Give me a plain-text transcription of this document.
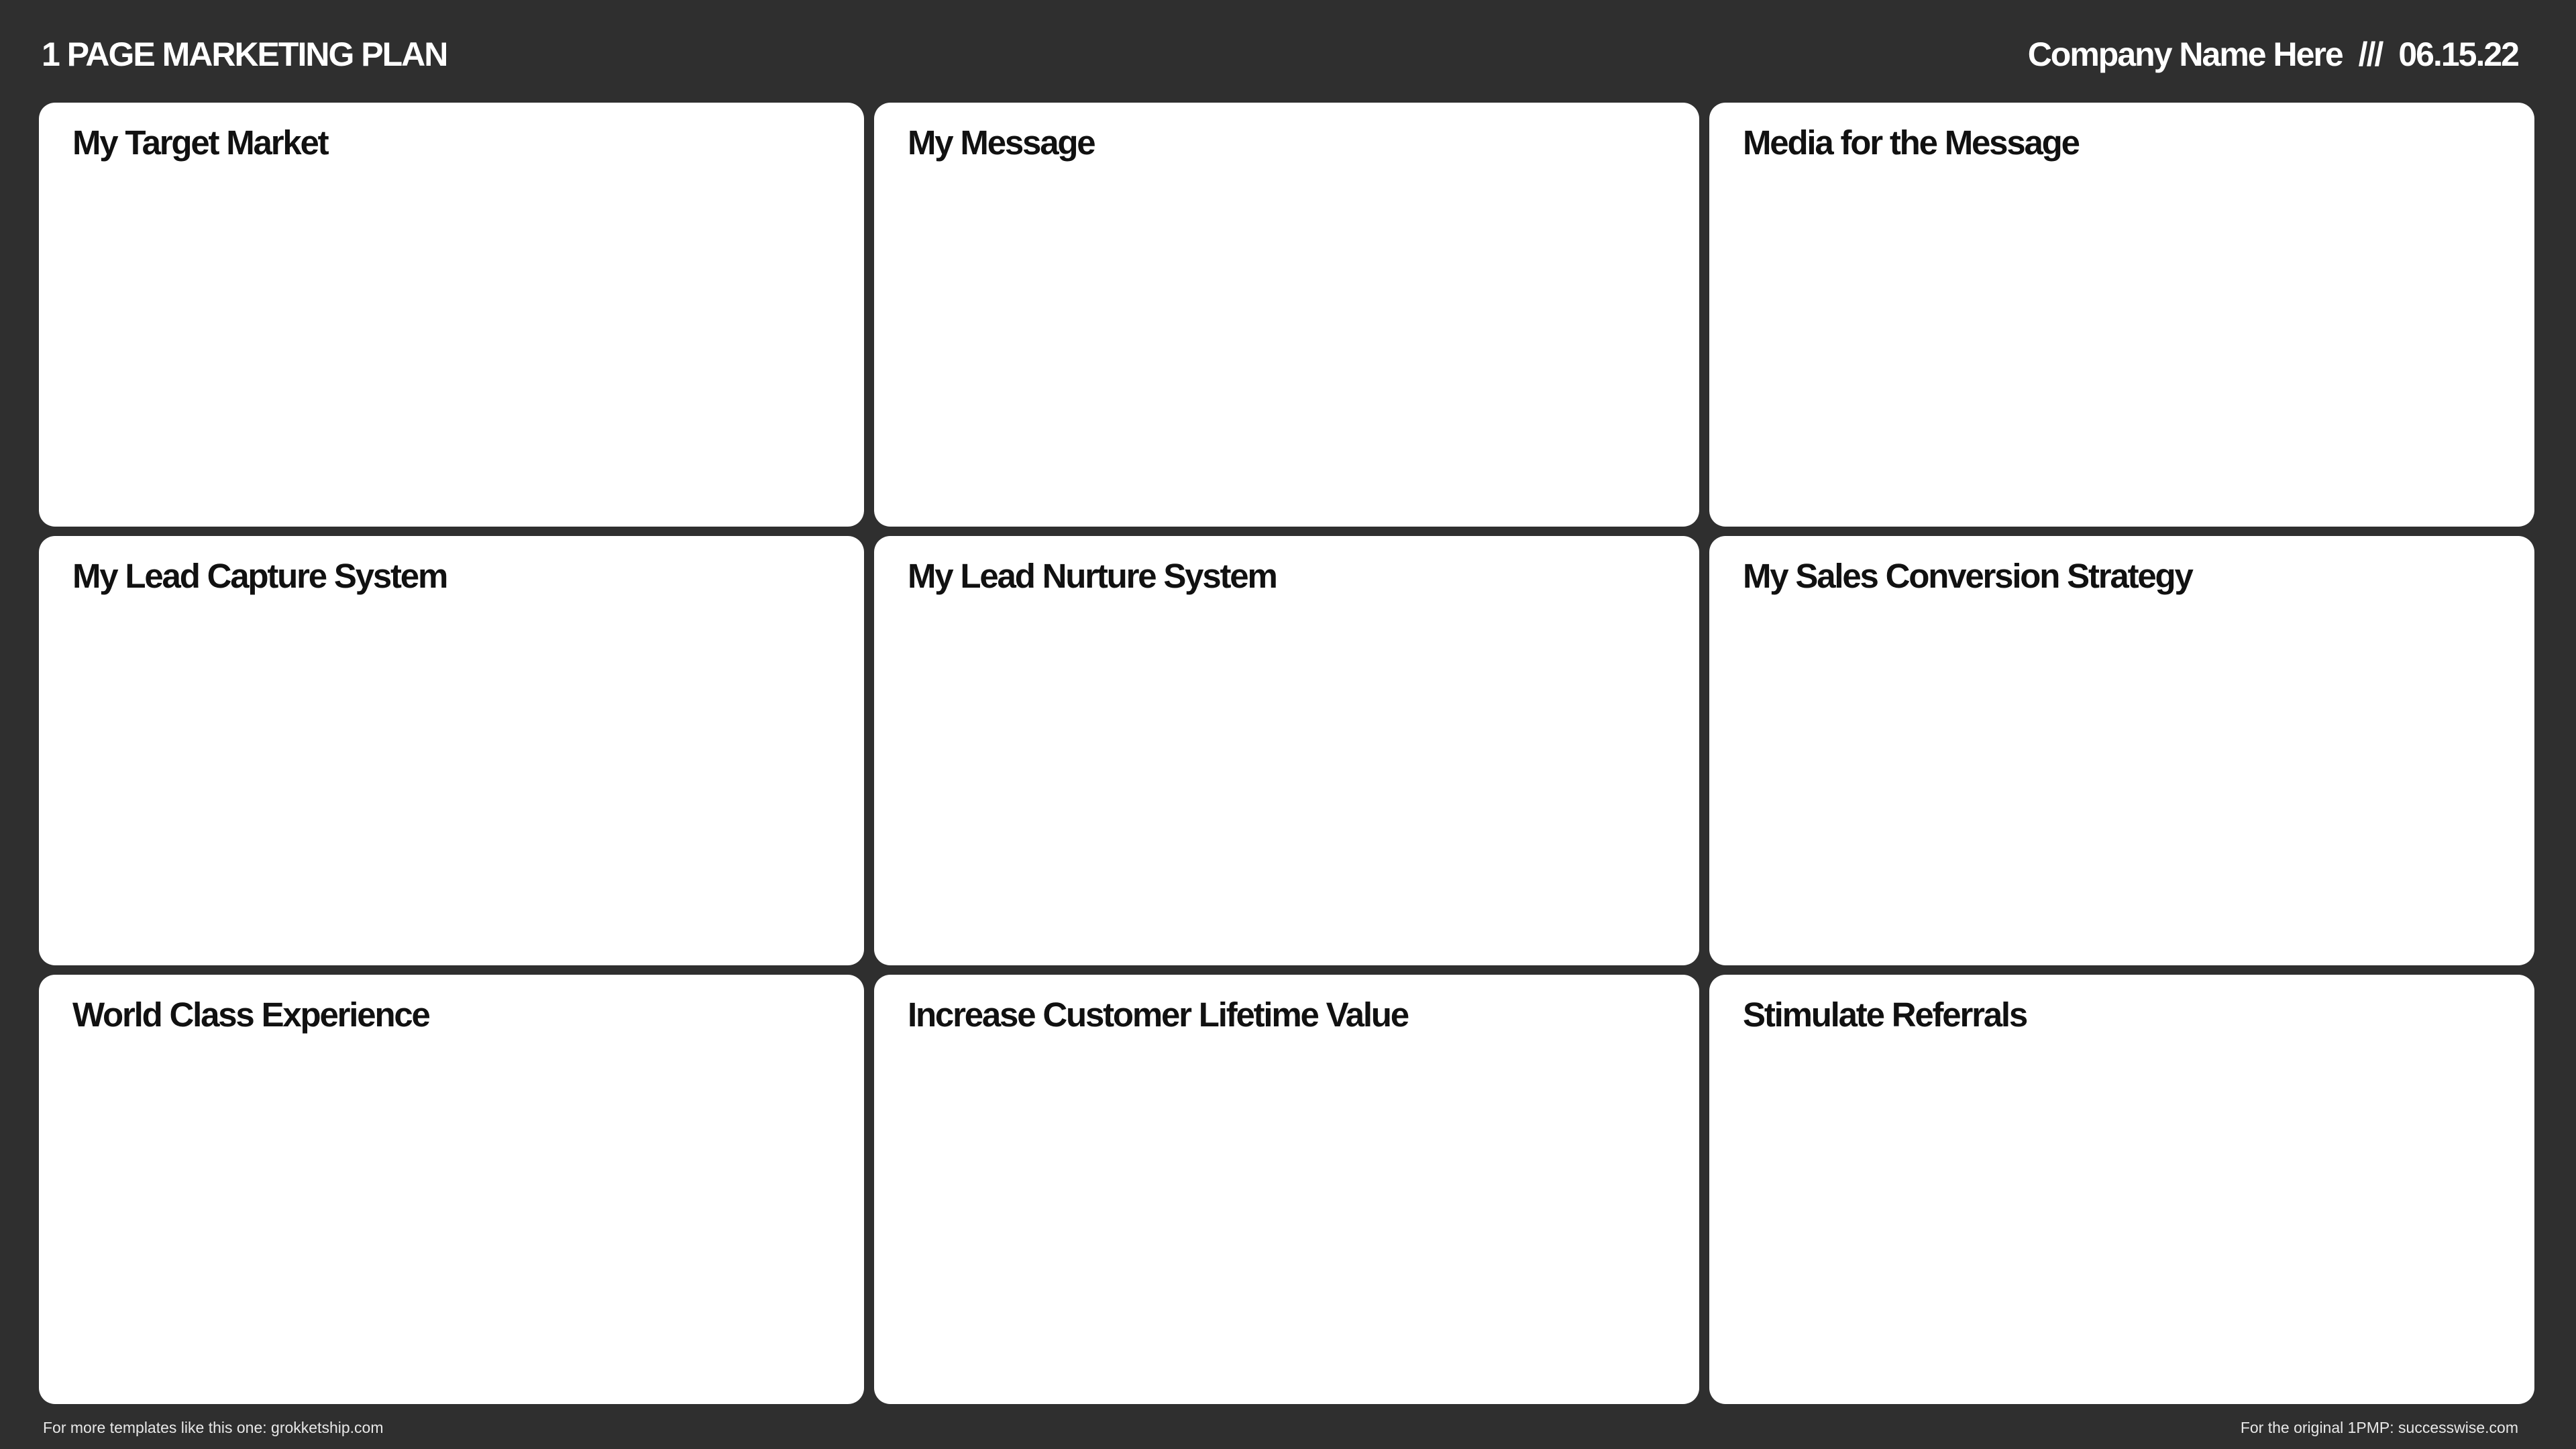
1 PAGE MARKETING PLAN	Company Name Here /// 06.15.22
My Target Market	My Message	Media for the Message
My Lead Capture System	My Lead Nurture System	My Sales Conversion Strategy
World Class Experience	Increase Customer Lifetime Value	Stimulate Referrals
For more templates like this one: grokketship.com	For the original 1PMP: successwise.com
